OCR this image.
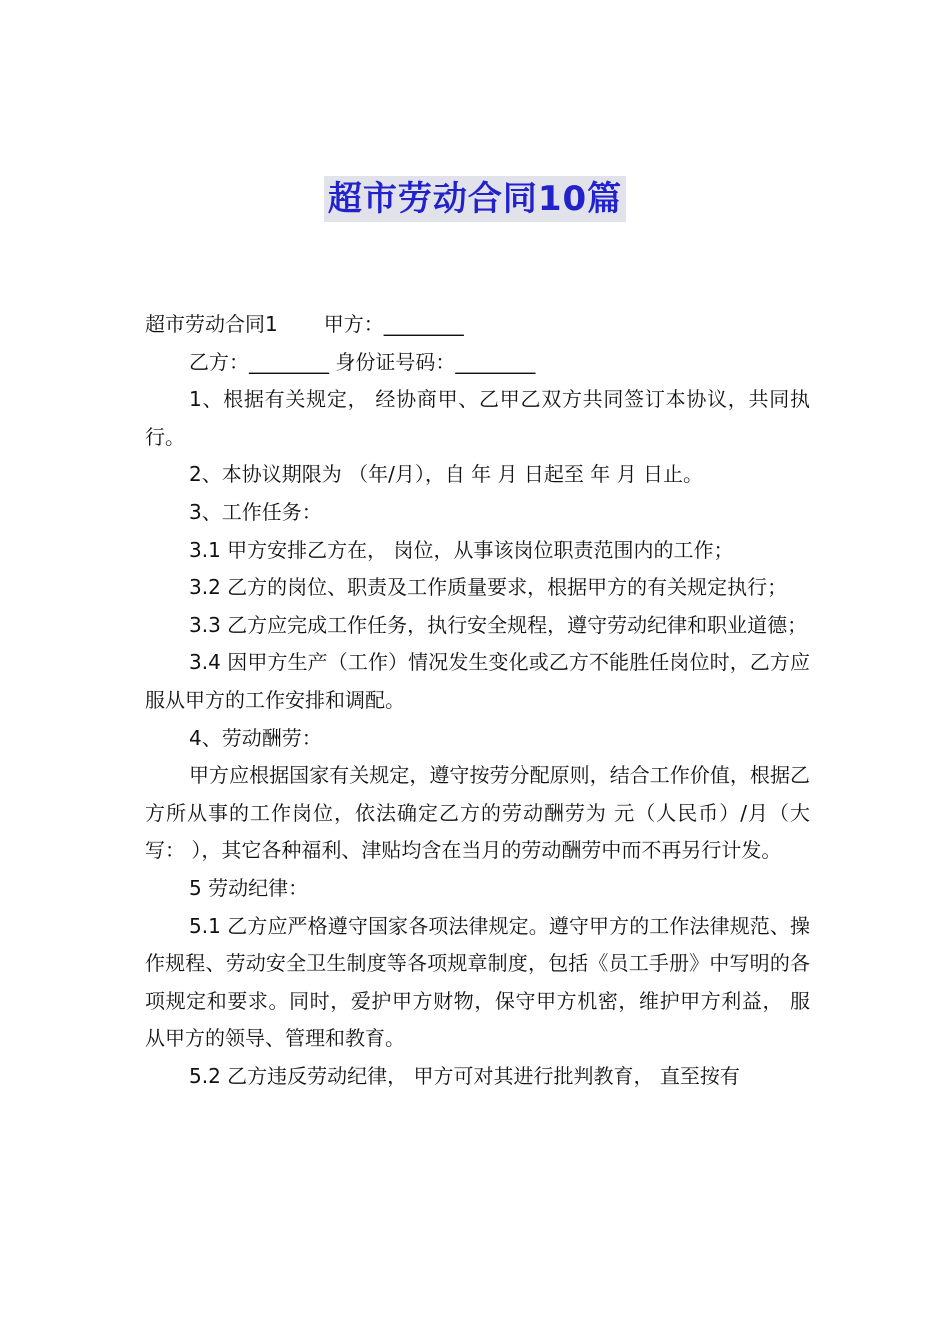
超市劳动合同10篇

超市劳动合同1 甲方：________

乙方：________ 身份证号码：________

1、根据有关规定， 经协商甲、乙甲乙双方共同签订本协议，共同执行。

2、本协议期限为 （年/月），自 年 月 日起至 年 月 日止。

3、工作任务：

3.1 甲方安排乙方在， 岗位，从事该岗位职责范围内的工作；

3.2 乙方的岗位、职责及工作质量要求，根据甲方的有关规定执行；

3.3 乙方应完成工作任务，执行安全规程，遵守劳动纪律和职业道德；

3.4 因甲方生产（工作）情况发生变化或乙方不能胜任岗位时，乙方应服从甲方的工作安排和调配。

4、劳动酬劳：

甲方应根据国家有关规定，遵守按劳分配原则，结合工作价值，根据乙方所从事的工作岗位，依法确定乙方的劳动酬劳为 元（人民币）/月（大写： ），其它各种福利、津贴均含在当月的劳动酬劳中而不再另行计发。

5 劳动纪律：

5.1 乙方应严格遵守国家各项法律规定。遵守甲方的工作法律规范、操作规程、劳动安全卫生制度等各项规章制度，包括《员工手册》中写明的各项规定和要求。同时，爱护甲方财物，保守甲方机密，维护甲方利益， 服从甲方的领导、管理和教育。

5.2 乙方违反劳动纪律， 甲方可对其进行批判教育， 直至按有
